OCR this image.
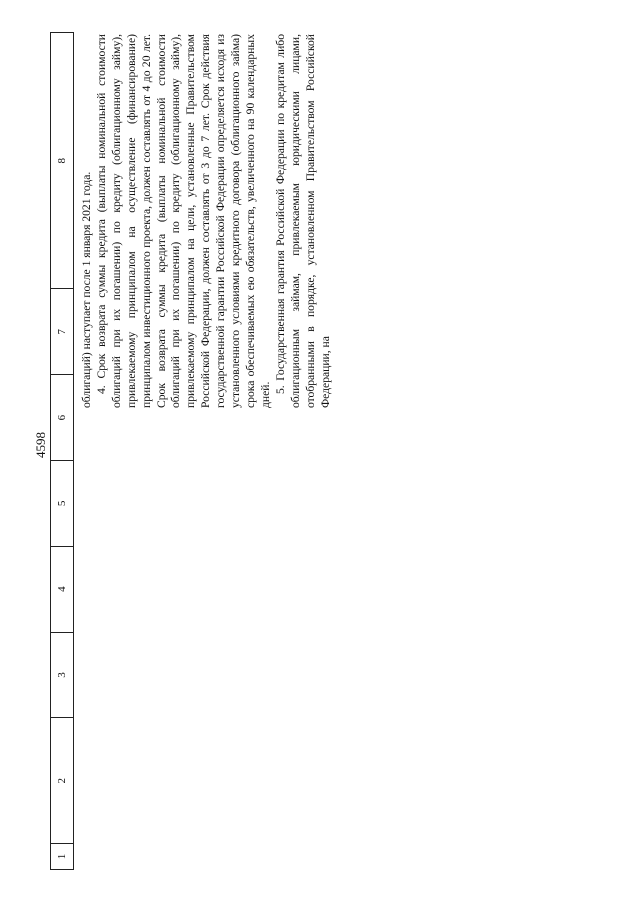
4598
1
2
3
4
5
6
7
8

облигаций) наступает после 1 января 2021 года. 4. Срок возврата суммы кредита (выплаты номинальной стоимости облигаций при их погашении) по кредиту (облигационному займу), привлекаемому принципалом на осуществление (финансирование) принципалом инвестиционного проекта, должен составлять от 4 до 20 лет. Срок возврата суммы кредита (выплаты номинальной стоимости облигаций при их погашении) по кредиту (облигационному займу), привлекаемому принципалом на цели, установленные Правительством Российской Федерации, должен составлять от 3 до 7 лет. Срок действия государственной гарантии Российской Федерации определяется исходя из установленного условиями кредитного договора (облигационного займа) срока обеспечиваемых ею обязательств, увеличенного на 90 календарных дней.

5. Государственная гарантия Российской Федерации по кредитам либо облигационным займам, привлекаемым юридическими лицами, отобранными в порядке, установленном Правительством Российской Федерации, на
